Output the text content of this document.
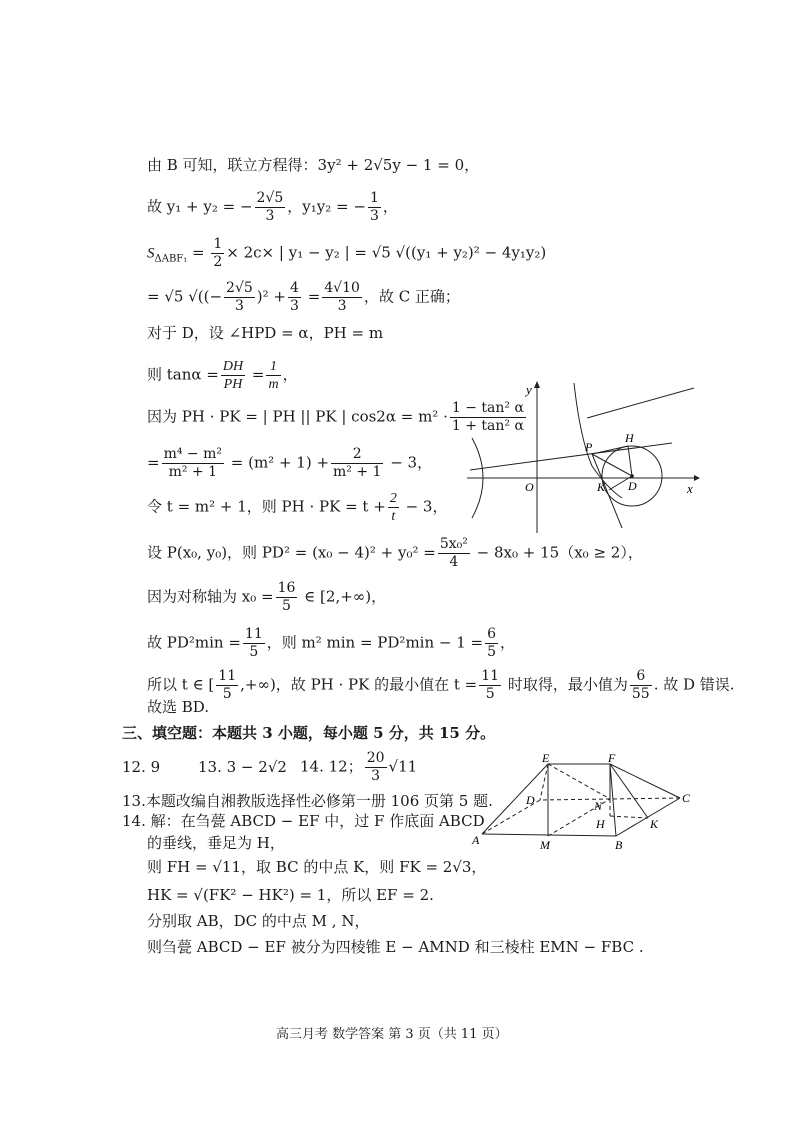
由 B 可知，联立方程得：3y² + 2√5y − 1 = 0，
故 y₁ + y₂ = − $\frac{2√5}{3}$ ，y₁y₂ = − $\frac{1}{3}$ ，
$S_{\Delta ABF_1} = \frac{1}{2} \times 2c\times$ | y₁ − y₂ | = √5 √((y₁ + y₂)² − 4y₁y₂)
= √5 √((− $\frac{2√5}{3} )^2 + \frac{4}{3} = \frac{4√10}{3}$ ，故 C 正确；
对于 D，设 ∠HPD = α，PH = m
则 $\tan\alpha = \frac{DH}{PH} = \frac{1}{m}$ ，
因为 PH · PK = | PH || PK | $\cos 2\alpha = m^2 \cdot \frac{\text{1 − tan² α}}{\text{1 + tan² α}}$
= $\frac{\text{m⁴ − m²}}{\text{m² + 1}} = (m^2 + 1) + \frac{2}{\text{m² + 1}} - 3$，
令 t = m² + 1，则 PH · PK = $t + \frac{2}{t} - 3$，
设 P(x₀, y₀)，则 $PD^2 = (x_0 - 4)^2 + y_0^2 = \frac{\text{5x₀²}}{4} - 8x_0 + 15(x_0 \ge 2)$，
因为对称轴为 $x_0 = \frac{16}{5}$ ∈ [2,+∞)，
故 $PD^2\min = \frac{11}{5}$ ，则 m² $\min = PD^2\min - 1 = \frac{6}{5}$ ，
所以 t ∈ [ $\frac{11}{5}$ ,+∞)，故 PH · PK 的最小值在 $t = \frac{11}{5}$ 时取得，最小值为 $\frac{6}{55}$ . 故 D 错误.
故选 BD.
三、填空题：本题共 3 小题，每小题 5 分，共 15 分。
12. 9	13. 3 − 2√2 14. 12； $\frac{20}{3} √11$
13.本题改编自湘教版选择性必修第一册 106 页第 5 题.
14. 解：在刍甍 ABCD − EF 中，过 F 作底面 ABCD
的垂线，垂足为 H，
则 FH = √11，取 BC 的中点 K，则 FK = 2√3，
HK = √(FK² − HK²) = 1，所以 EF = 2.
分别取 AB，DC 的中点 M , N，
则刍甍 ABCD − EF 被分为四棱锥 E − AMND 和三棱柱 EMN − FBC .
高三月考 数学答案 第 3 页（共 11 页）
y
x
O
P
H
K D
E	F
D	N
C
H	K
A	M	B
